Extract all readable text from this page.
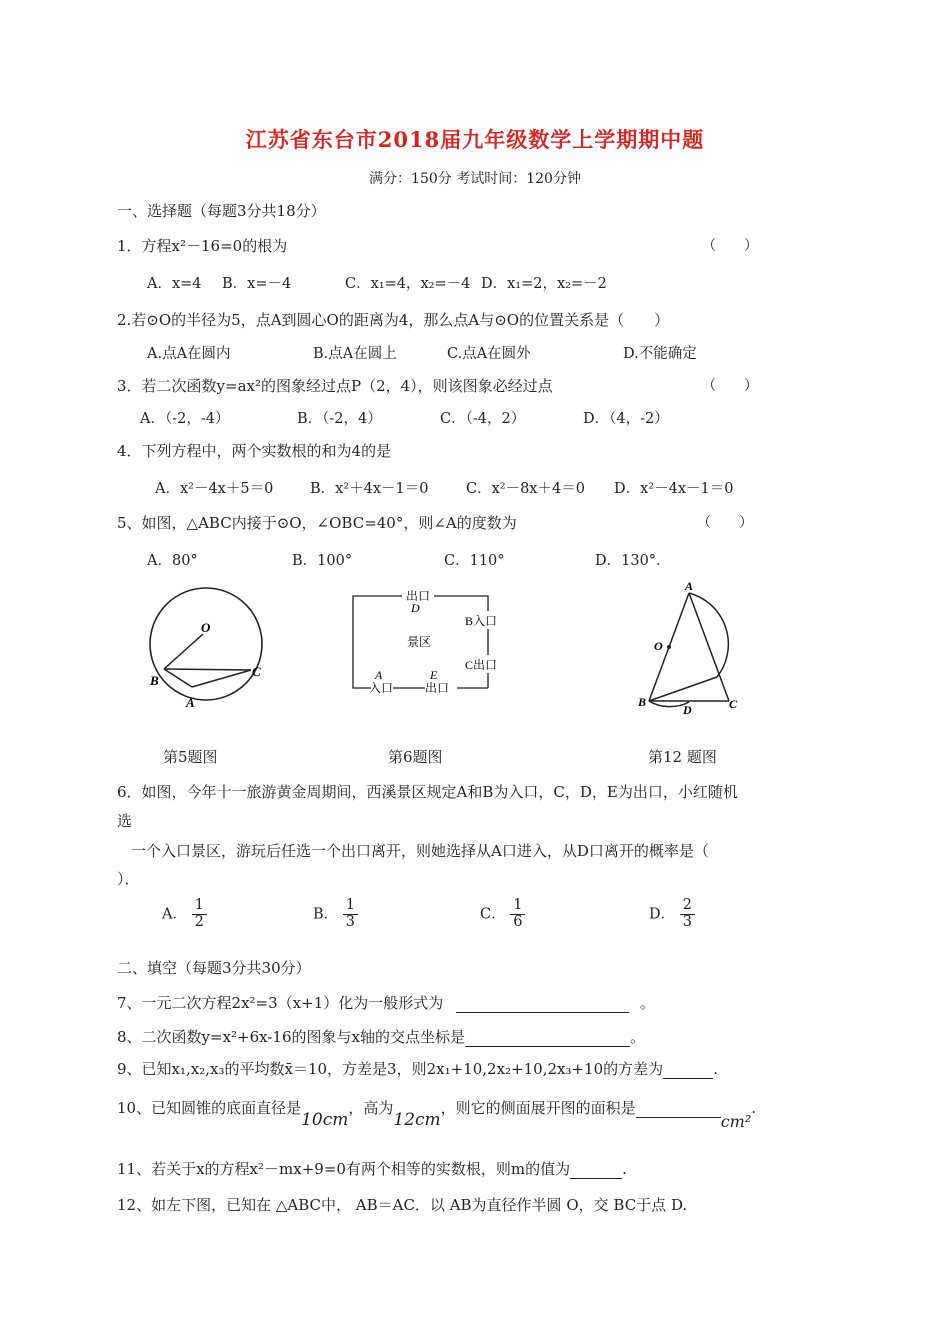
江苏省东台市2018届九年级数学上学期期中题
满分：150分 考试时间：120分钟
一、选择题（每题3分共18分）
1．方程x²－16=0的根为	（　　）
A．x=4 B．x=－4	C．x₁=4，x₂=－4 D．x₁=2，x₂=－2
2.若⊙O的半径为5，点A到圆心O的距离为4，那么点A与⊙O的位置关系是（　　）
A.点A在圆内	B.点A在圆上	C.点A在圆外	D.不能确定
3．若二次函数y=ax²的图象经过点P（2，4），则该图象必经过点	（　　）
A．（-2，-4）	B．（-2，4）	C．（-4，2）	D．（4，-2）
4．下列方程中，两个实数根的和为4的是
A．x²－4x＋5＝0	B．x²＋4x－1＝0	C．x²－8x＋4＝0 D．x²－4x－1＝0
5、如图，△ABC内接于⊙O，∠OBC=40°，则∠A的度数为	（　　）
A．80°	B．100°	C．110°	D．130°．
O
B
C
A
出口
D
B入口
景区
C出口
A
入口
E
出口
A
O
B
D	C
第5题图	第6题图	第12 题图
6．如图，今年十一旅游黄金周期间，西溪景区规定A和B为入口，C，D，E为出口，小红随机
选
一个入口景区，游玩后任选一个出口离开，则她选择从A口进入，从D口离开的概率是（
）．
A． $\frac{1}{2}$	B． $\frac{1}{3}$	C． $\frac{1}{6}$	D． $\frac{2}{3}$
二、填空（每题3分共30分）
7、一元二次方程2x²=3（x+1）化为一般形式为	。
8、二次函数y=x²+6x-16的图象与x轴的交点坐标是	。
9、已知x₁,x₂,x₃的平均数x̄＝10，方差是3，则2x₁+10,2x₂+10,2x₃+10的方差为	.
10、已知圆锥的底面直径是10cm，高为12cm，则它的侧面展开图的面积是cm².
11、若关于x的方程x²－mx+9=0有两个相等的实数根，则m的值为	.
12、如左下图，已知在 △ABC中， AB＝AC．以 AB为直径作半圆 O，交 BC于点 D.
